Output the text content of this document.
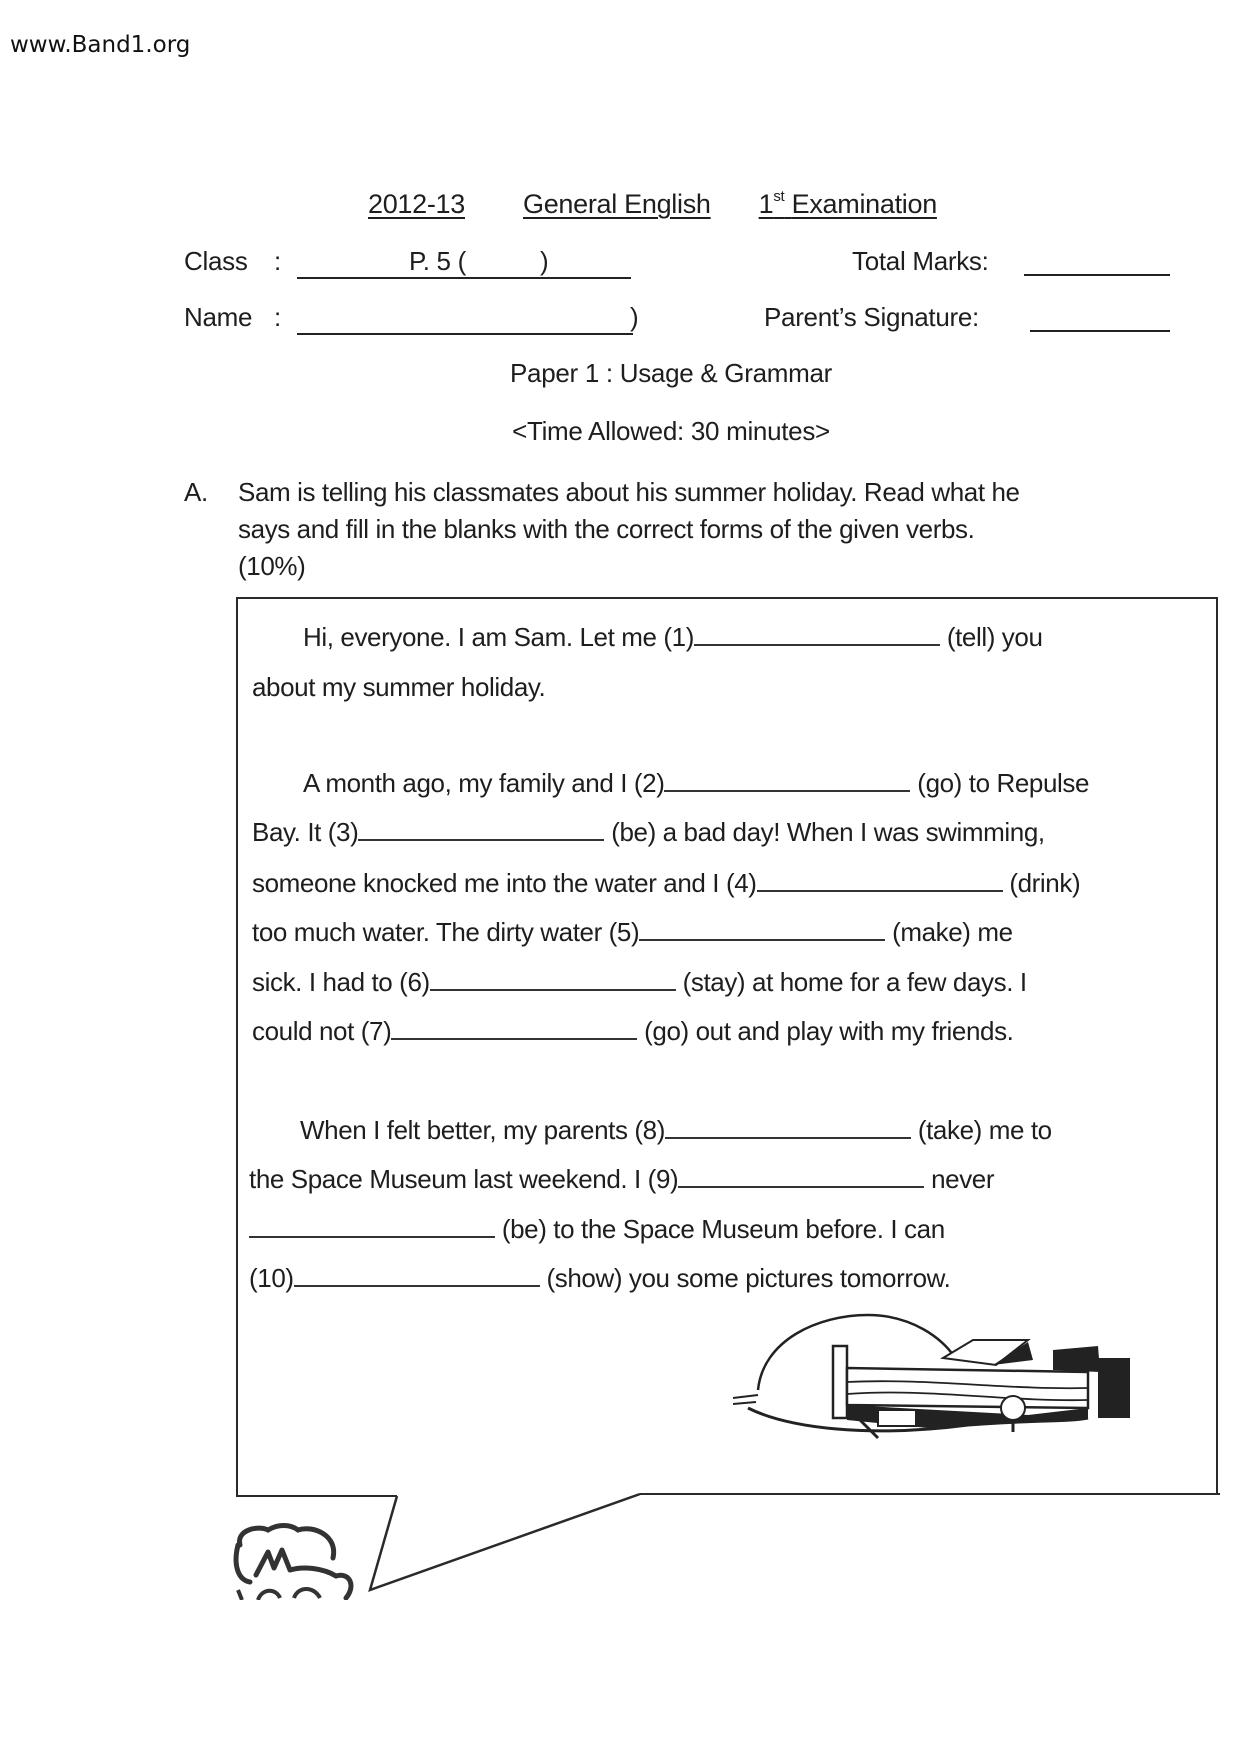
www.Band1.org
2012-13 General English 1st Examination
Class :	P. 5 (	)	Total Marks:
Name :	)	Parent’s Signature:
Paper 1 : Usage & Grammar
<Time Allowed: 30 minutes>
A. Sam is telling his classmates about his summer holiday. Read what he
says and fill in the blanks with the correct forms of the given verbs.
(10%)
Hi, everyone. I am Sam. Let me (1)	(tell) you
about my summer holiday.
A month ago, my family and I (2)	(go) to Repulse
Bay. It (3)	(be) a bad day! When I was swimming,
someone knocked me into the water and I (4)	(drink)
too much water. The dirty water (5)	(make) me
sick. I had to (6)	(stay) at home for a few days. I
could not (7)	(go) out and play with my friends.
When I felt better, my parents (8)	(take) me to
the Space Museum last weekend. I (9)	never
(be) to the Space Museum before. I can
(10)	(show) you some pictures tomorrow.
